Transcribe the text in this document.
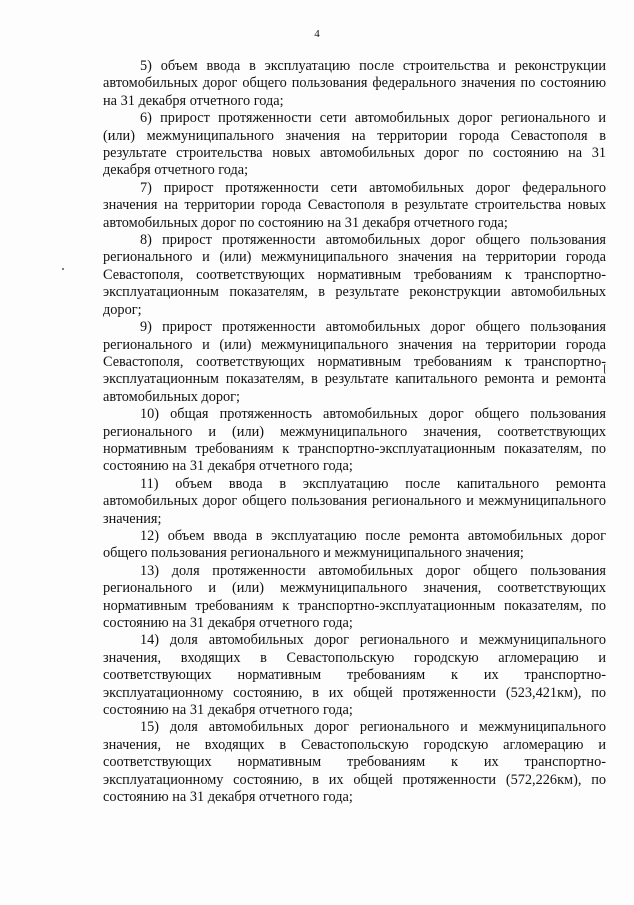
4

5) объем ввода в эксплуатацию после строительства и реконструкции автомобильных дорог общего пользования федерального значения по состоянию на 31 декабря отчетного года;

6) прирост протяженности сети автомобильных дорог регионального и (или) межмуниципального значения на территории города Севастополя в результате строительства новых автомобильных дорог по состоянию на 31 декабря отчетного года;

7) прирост протяженности сети автомобильных дорог федерального значения на территории города Севастополя в результате строительства новых автомобильных дорог по состоянию на 31 декабря отчетного года;

8) прирост протяженности автомобильных дорог общего пользования регионального и (или) межмуниципального значения на территории города Севастополя, соответствующих нормативным требованиям к транспортно-эксплуатационным показателям, в результате реконструкции автомобильных дорог;

9) прирост протяженности автомобильных дорог общего пользования регионального и (или) межмуниципального значения на территории города Севастополя, соответствующих нормативным требованиям к транспортно-эксплуатационным показателям, в результате капитального ремонта и ремонта автомобильных дорог;

10) общая протяженность автомобильных дорог общего пользования регионального и (или) межмуниципального значения, соответствующих нормативным требованиям к транспортно-эксплуатационным показателям, по состоянию на 31 декабря отчетного года;

11) объем ввода в эксплуатацию после капитального ремонта автомобильных дорог общего пользования регионального и межмуниципального значения;

12) объем ввода в эксплуатацию после ремонта автомобильных дорог общего пользования регионального и межмуниципального значения;

13) доля протяженности автомобильных дорог общего пользования регионального и (или) межмуниципального значения, соответствующих нормативным требованиям к транспортно-эксплуатационным показателям, по состоянию на 31 декабря отчетного года;

14) доля автомобильных дорог регионального и межмуниципального значения, входящих в Севастопольскую городскую агломерацию и соответствующих нормативным требованиям к их транспортно-эксплуатационному состоянию, в их общей протяженности (523,421км), по состоянию на 31 декабря отчетного года;

15) доля автомобильных дорог регионального и межмуниципального значения, не входящих в Севастопольскую городскую агломерацию и соответствующих нормативным требованиям к их транспортно-эксплуатационному состоянию, в их общей протяженности (572,226км), по состоянию на 31 декабря отчетного года;
